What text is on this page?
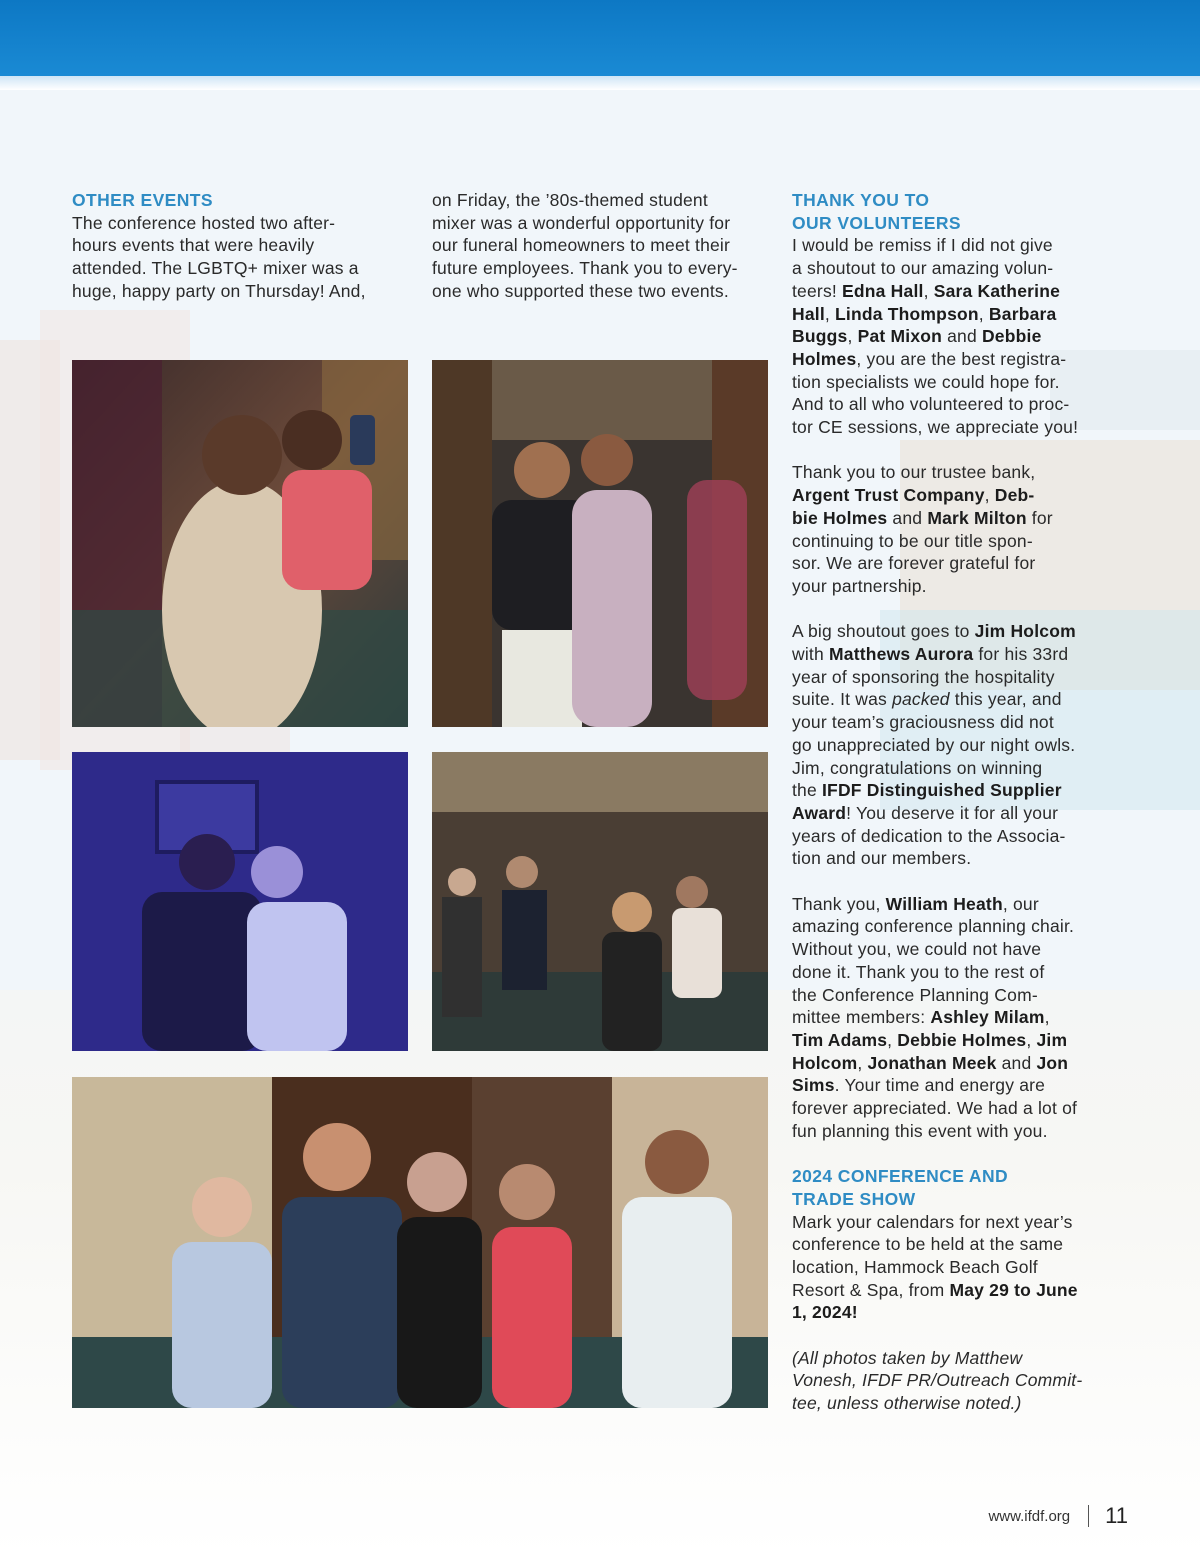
OTHER EVENTS

The conference hosted two after-

hours events that were heavily

attended. The LGBTQ+ mixer was a

huge, happy party on Thursday! And,

on Friday, the ’80s-themed student

mixer was a wonderful opportunity for

our funeral homeowners to meet their

future employees. Thank you to every-

one who supported these two events.

THANK YOU TO

OUR VOLUNTEERS

I would be remiss if I did not give

a shoutout to our amazing volun-

teers! Edna Hall, Sara Katherine

Hall, Linda Thompson, Barbara

Buggs, Pat Mixon and Debbie

Holmes, you are the best registra-

tion specialists we could hope for.

And to all who volunteered to proc-

tor CE sessions, we appreciate you!

Thank you to our trustee bank,

Argent Trust Company, Deb-

bie Holmes and Mark Milton for

continuing to be our title spon-

sor. We are forever grateful for

your partnership.

A big shoutout goes to Jim Holcom

with Matthews Aurora for his 33rd

year of sponsoring the hospitality

suite. It was packed this year, and

your team’s graciousness did not

go unappreciated by our night owls.

Jim, congratulations on winning

the IFDF Distinguished Supplier

Award! You deserve it for all your

years of dedication to the Associa-

tion and our members.

Thank you, William Heath, our

amazing conference planning chair.

Without you, we could not have

done it. Thank you to the rest of

the Conference Planning Com-

mittee members: Ashley Milam,

Tim Adams, Debbie Holmes, Jim

Holcom, Jonathan Meek and Jon

Sims. Your time and energy are

forever appreciated. We had a lot of

fun planning this event with you.

2024 CONFERENCE AND

TRADE SHOW

Mark your calendars for next year’s

conference to be held at the same

location, Hammock Beach Golf

Resort & Spa, from May 29 to June

1, 2024!

(All photos taken by Matthew

Vonesh, IFDF PR/Outreach Commit-

tee, unless otherwise noted.)

www.ifdf.org 11
